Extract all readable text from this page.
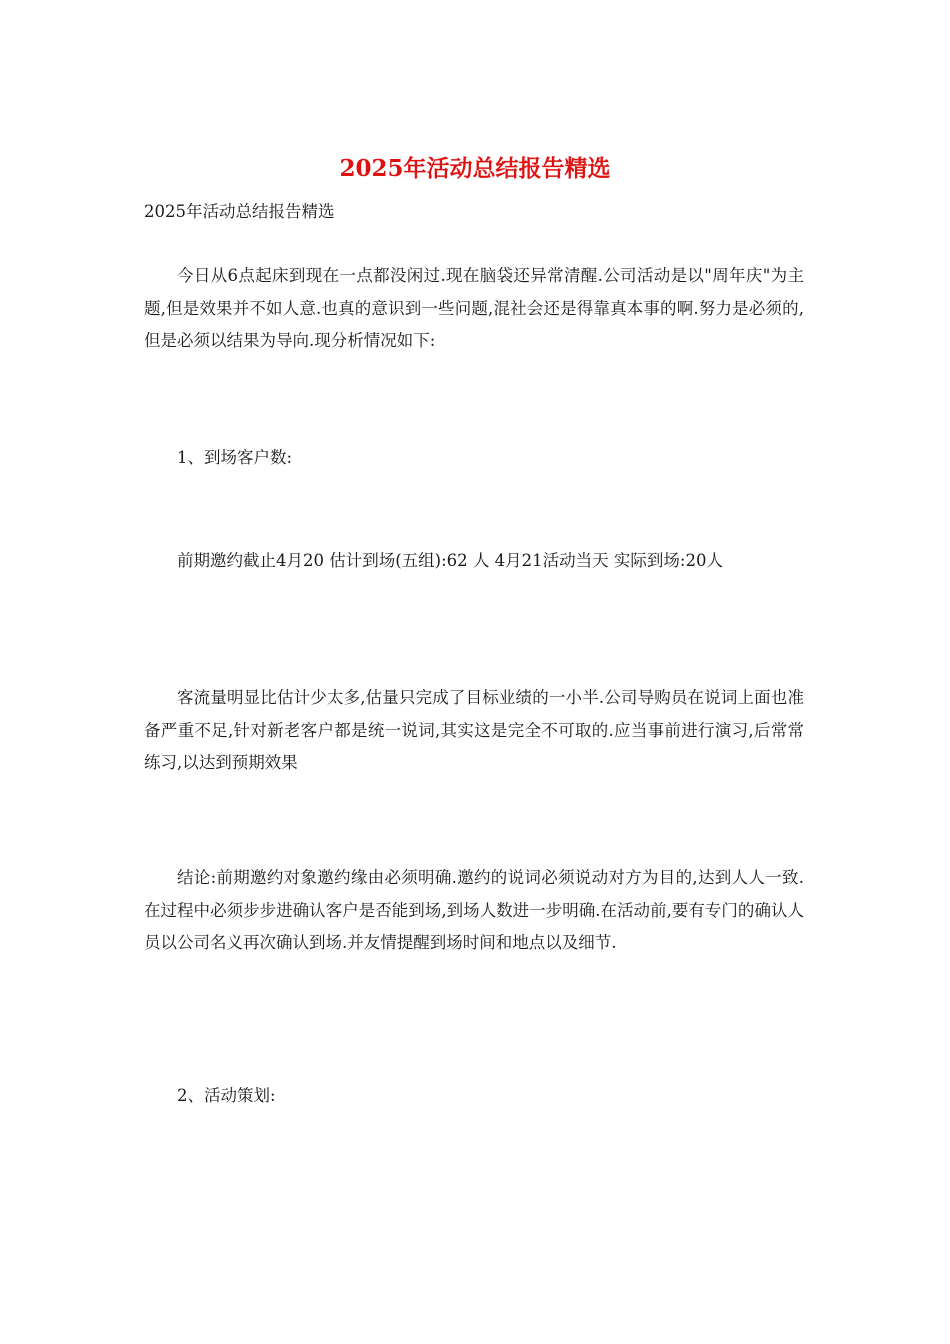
2025年活动总结报告精选

2025年活动总结报告精选

今日从6点起床到现在一点都没闲过.现在脑袋还异常清醒.公司活动是以"周年庆"为主题,但是效果并不如人意.也真的意识到一些问题,混社会还是得靠真本事的啊.努力是必须的,但是必须以结果为导向.现分析情况如下:

1、到场客户数:

前期邀约截止4月20 估计到场(五组):62 人 4月21活动当天 实际到场:20人

客流量明显比估计少太多,估量只完成了目标业绩的一小半.公司导购员在说词上面也准备严重不足,针对新老客户都是统一说词,其实这是完全不可取的.应当事前进行演习,后常常练习,以达到预期效果

结论:前期邀约对象邀约缘由必须明确.邀约的说词必须说动对方为目的,达到人人一致.在过程中必须步步进确认客户是否能到场,到场人数进一步明确.在活动前,要有专门的确认人员以公司名义再次确认到场.并友情提醒到场时间和地点以及细节.

2、活动策划:
